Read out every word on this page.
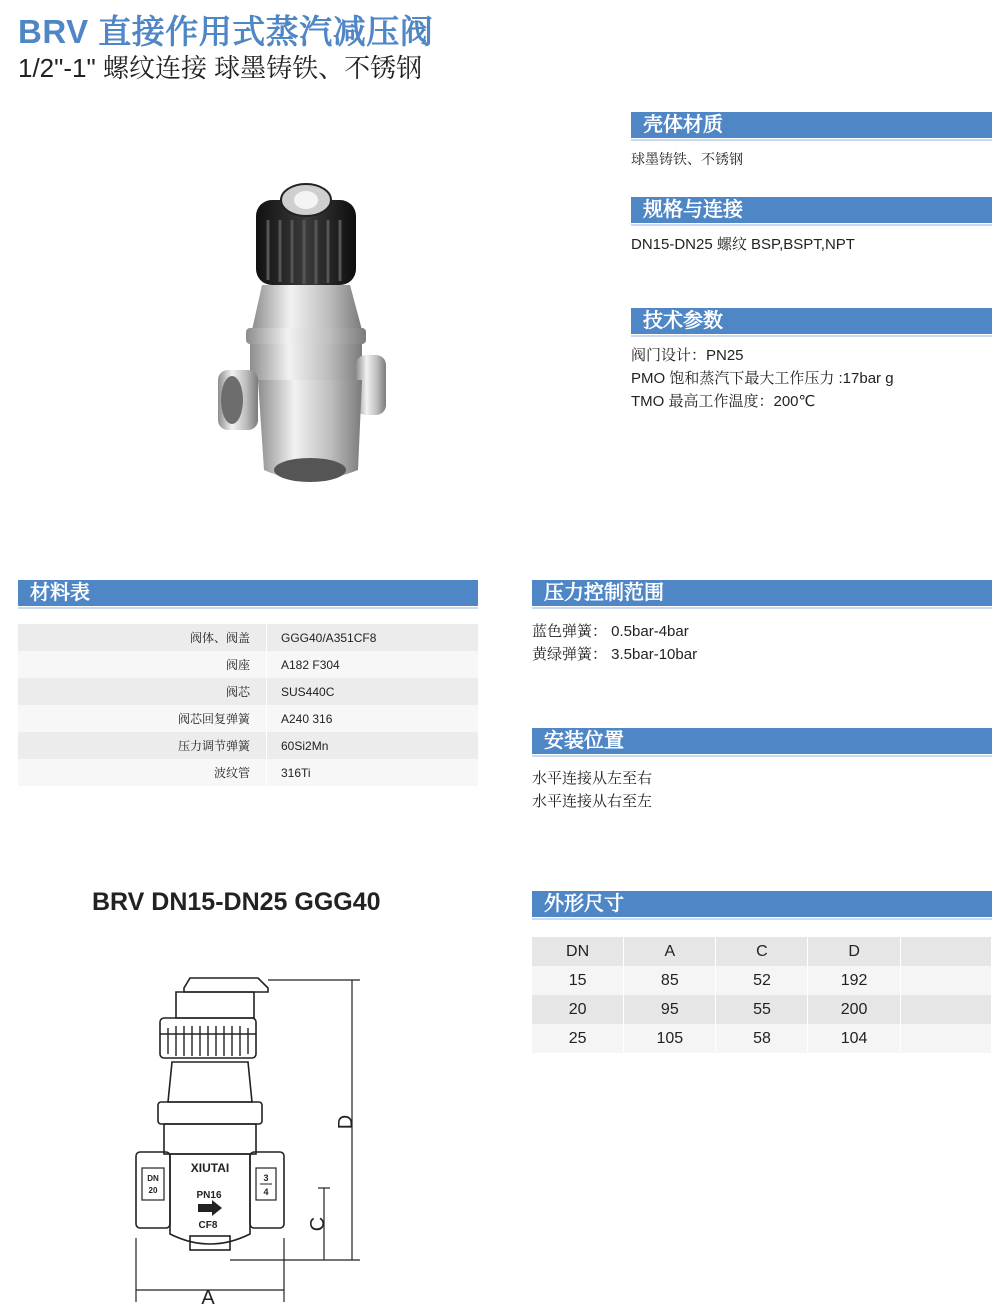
BRV 直接作用式蒸汽减压阀
1/2"-1" 螺纹连接 球墨铸铁、不锈钢
壳体材质
球墨铸铁、不锈钢
规格与连接
DN15-DN25 螺纹 BSP,BSPT,NPT
技术参数
阀门设计：PN25
PMO 饱和蒸汽下最大工作压力 :17bar g
TMO 最高工作温度：200℃
材料表
阀体、阀盖	GGG40/A351CF8
阀座	A182 F304
阀芯	SUS440C
阀芯回复弹簧	A240 316
压力调节弹簧	60Si2Mn
波纹管	316Ti
压力控制范围
蓝色弹簧： 0.5bar-4bar
黄绿弹簧： 3.5bar-10bar
安装位置
水平连接从左至右
水平连接从右至左
BRV DN15-DN25 GGG40
XIUTAI
DN
20
3
4
PN16
CF8
D
C
A
外形尺寸
DN	A	C	D	
15	85	52	192	
20	95	55	200	
25	105	58	104	
